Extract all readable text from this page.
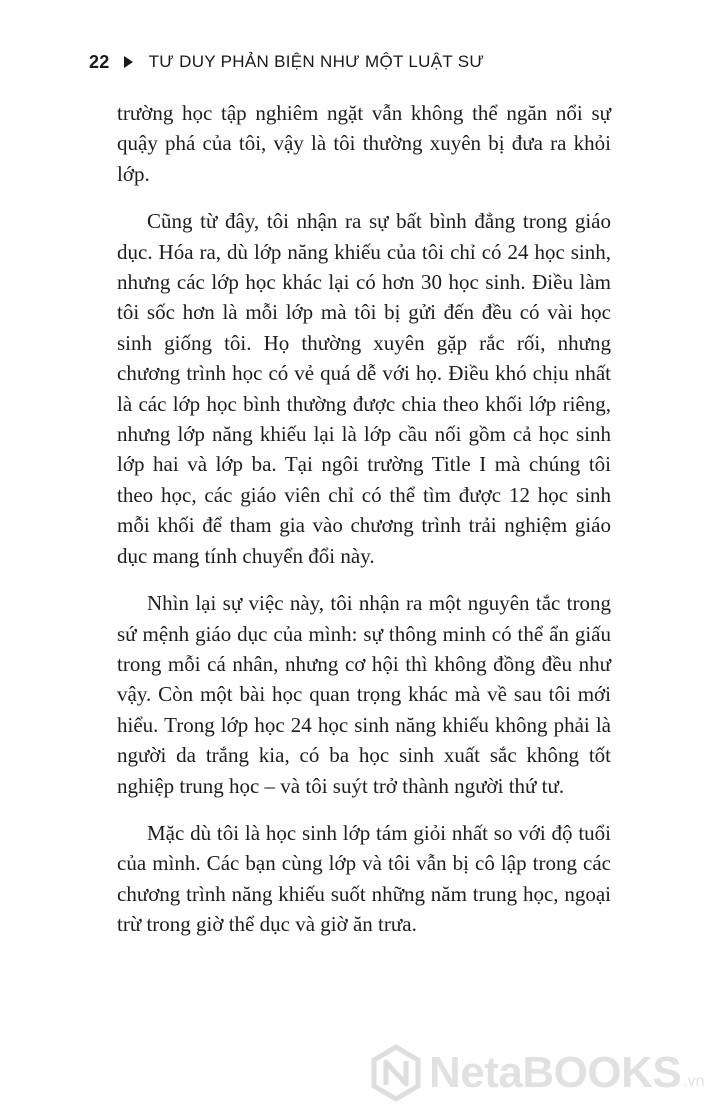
22 TƯ DUY PHẢN BIỆN NHƯ MỘT LUẬT SƯ

trường học tập nghiêm ngặt vẫn không thể ngăn nổi sự quậy phá của tôi, vậy là tôi thường xuyên bị đưa ra khỏi lớp.

Cũng từ đây, tôi nhận ra sự bất bình đẳng trong giáo dục. Hóa ra, dù lớp năng khiếu của tôi chỉ có 24 học sinh, nhưng các lớp học khác lại có hơn 30 học sinh. Điều làm tôi sốc hơn là mỗi lớp mà tôi bị gửi đến đều có vài học sinh giống tôi. Họ thường xuyên gặp rắc rối, nhưng chương trình học có vẻ quá dễ với họ. Điều khó chịu nhất là các lớp học bình thường được chia theo khối lớp riêng, nhưng lớp năng khiếu lại là lớp cầu nối gồm cả học sinh lớp hai và lớp ba. Tại ngôi trường Title I mà chúng tôi theo học, các giáo viên chỉ có thể tìm được 12 học sinh mỗi khối để tham gia vào chương trình trải nghiệm giáo dục mang tính chuyển đổi này.

Nhìn lại sự việc này, tôi nhận ra một nguyên tắc trong sứ mệnh giáo dục của mình: sự thông minh có thể ẩn giấu trong mỗi cá nhân, nhưng cơ hội thì không đồng đều như vậy. Còn một bài học quan trọng khác mà về sau tôi mới hiểu. Trong lớp học 24 học sinh năng khiếu không phải là người da trắng kia, có ba học sinh xuất sắc không tốt nghiệp trung học – và tôi suýt trở thành người thứ tư.

Mặc dù tôi là học sinh lớp tám giỏi nhất so với độ tuổi của mình. Các bạn cùng lớp và tôi vẫn bị cô lập trong các chương trình năng khiếu suốt những năm trung học, ngoại trừ trong giờ thể dục và giờ ăn trưa.

NetaBOOKS .vn
